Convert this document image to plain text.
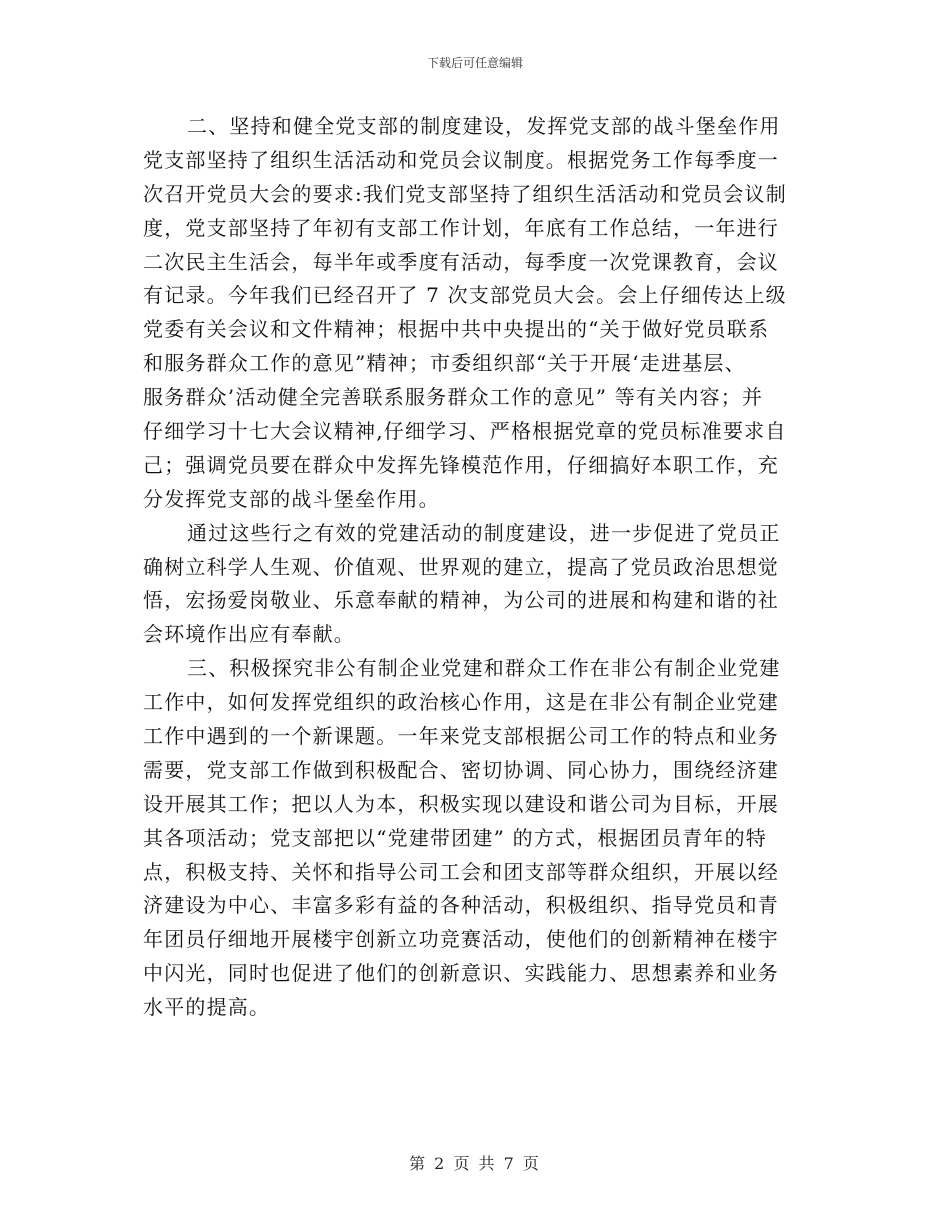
下载后可任意编辑
二、坚持和健全党支部的制度建设，发挥党支部的战斗堡垒作用
党支部坚持了组织生活活动和党员会议制度。根据党务工作每季度一
次召开党员大会的要求:我们党支部坚持了组织生活活动和党员会议制
度，党支部坚持了年初有支部工作计划，年底有工作总结，一年进行
二次民主生活会，每半年或季度有活动，每季度一次党课教育，会议
有记录。今年我们已经召开了 7 次支部党员大会。会上仔细传达上级
党委有关会议和文件精神；根据中共中央提出的“关于做好党员联系
和服务群众工作的意见”精神；市委组织部“关于开展‘走进基层、
服务群众’活动健全完善联系服务群众工作的意见” 等有关内容；并
仔细学习十七大会议精神,仔细学习、严格根据党章的党员标准要求自
己；强调党员要在群众中发挥先锋模范作用，仔细搞好本职工作，充
分发挥党支部的战斗堡垒作用。
通过这些行之有效的党建活动的制度建设，进一步促进了党员正
确树立科学人生观、价值观、世界观的建立，提高了党员政治思想觉
悟，宏扬爱岗敬业、乐意奉献的精神，为公司的进展和构建和谐的社
会环境作出应有奉献。
三、积极探究非公有制企业党建和群众工作在非公有制企业党建
工作中，如何发挥党组织的政治核心作用，这是在非公有制企业党建
工作中遇到的一个新课题。一年来党支部根据公司工作的特点和业务
需要，党支部工作做到积极配合、密切协调、同心协力，围绕经济建
设开展其工作；把以人为本，积极实现以建设和谐公司为目标，开展
其各项活动；党支部把以“党建带团建” 的方式，根据团员青年的特
点，积极支持、关怀和指导公司工会和团支部等群众组织，开展以经
济建设为中心、丰富多彩有益的各种活动，积极组织、指导党员和青
年团员仔细地开展楼宇创新立功竞赛活动，使他们的创新精神在楼宇
中闪光，同时也促进了他们的创新意识、实践能力、思想素养和业务
水平的提高。
第 2 页 共 7 页
